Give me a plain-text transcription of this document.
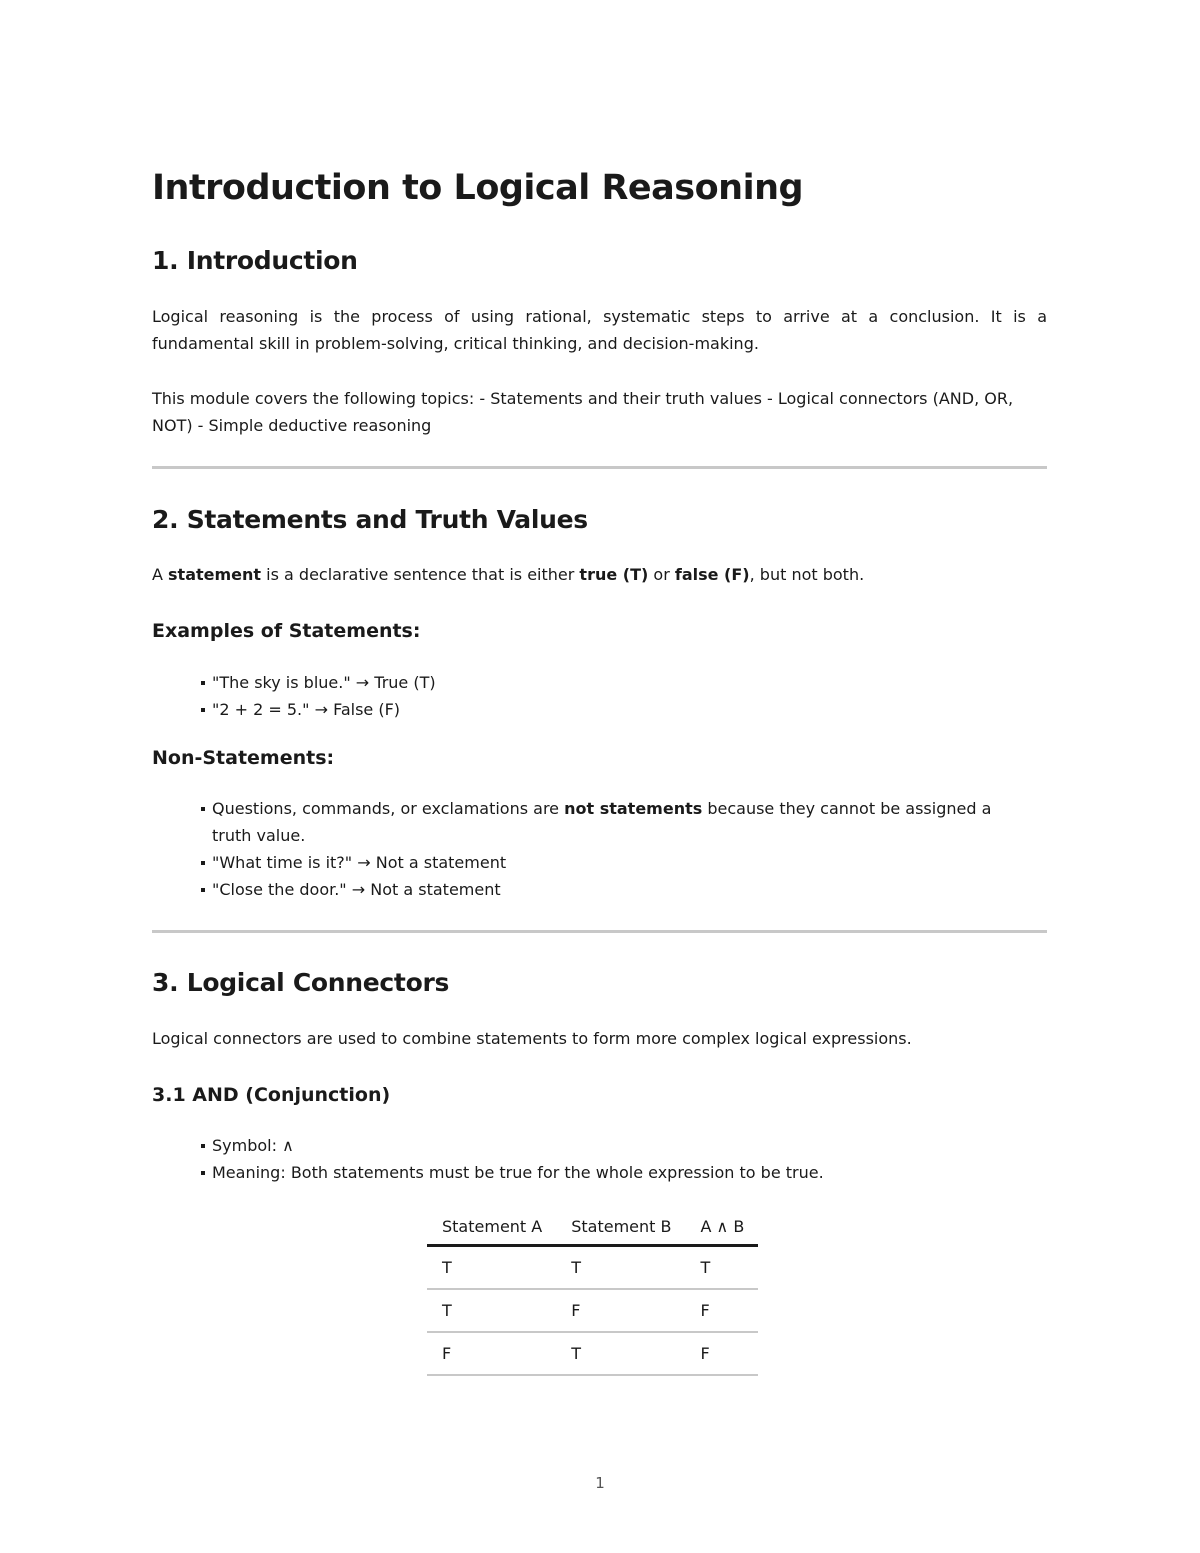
Introduction to Logical Reasoning
1. Introduction

Logical reasoning is the process of using rational, systematic steps to arrive at a conclusion. It is a fundamental skill in problem-solving, critical thinking, and decision-making.

This module covers the following topics: - Statements and their truth values - Logical connectors (AND, OR, NOT) - Simple deductive reasoning

2. Statements and Truth Values

A statement is a declarative sentence that is either true (T) or false (F), but not both.

Examples of Statements:
"The sky is blue." → True (T)
"2 + 2 = 5." → False (F)
Non-Statements:
Questions, commands, or exclamations are not statements because they cannot be assigned a truth value.
"What time is it?" → Not a statement
"Close the door." → Not a statement
3. Logical Connectors

Logical connectors are used to combine statements to form more complex logical expressions.

3.1 AND (Conjunction)
Symbol: ∧
Meaning: Both statements must be true for the whole expression to be true.
Statement A	Statement B	A ∧ B
T	T	T
T	F	F
F	T	F
1
